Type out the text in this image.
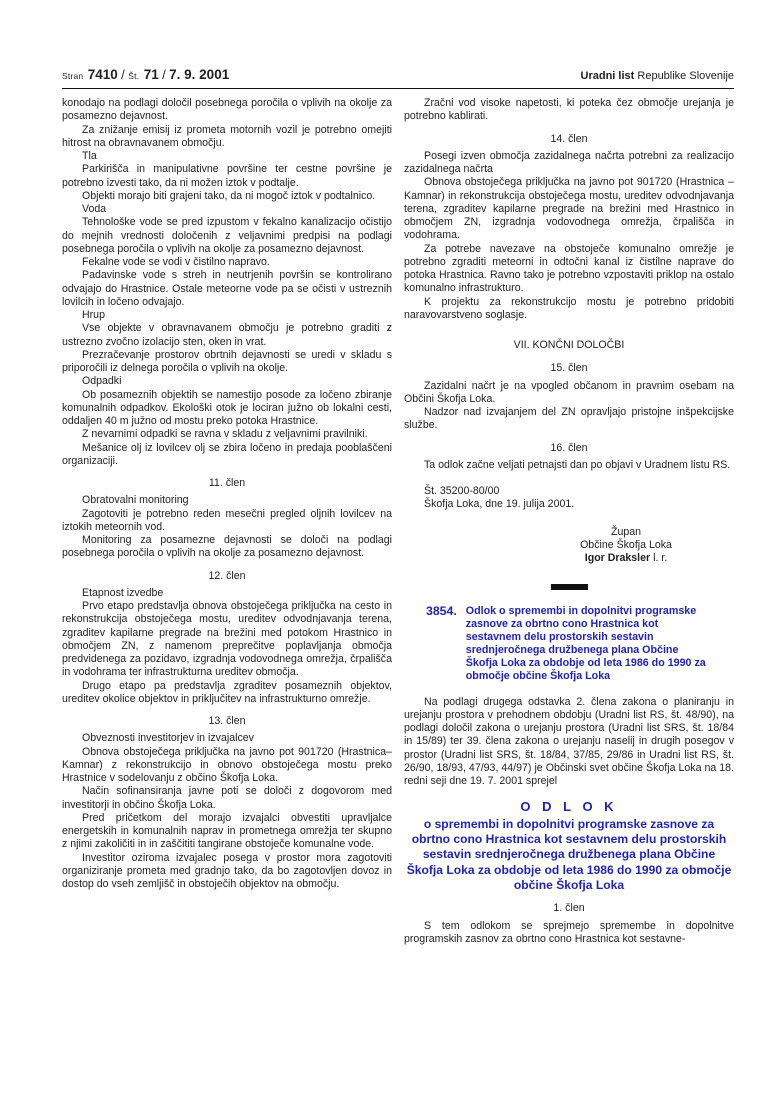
Stran 7410 / Št. 71 / 7. 9. 2001	Uradni list Republike Slovenije

konodajo na podlagi določil posebnega poročila o vplivih na okolje za posamezno dejavnost.

Za znižanje emisij iz prometa motornih vozil je potrebno omejiti hitrost na obravnavanem območju.

Tla

Parkirišča in manipulativne površine ter cestne površine je potrebno izvesti tako, da ni možen iztok v podtalje.

Objekti morajo biti grajeni tako, da ni mogoč iztok v podtalnico.

Voda

Tehnološke vode se pred izpustom v fekalno kanalizacijo očistijo do mejnih vrednosti določenih z veljavnimi predpisi na podlagi posebnega poročila o vplivih na okolje za posamezno dejavnost.

Fekalne vode se vodi v čistilno napravo.

Padavinske vode s streh in neutrjenih površin se kontrolirano odvajajo do Hrastnice. Ostale meteorne vode pa se očisti v ustreznih lovilcih in ločeno odvajajo.

Hrup

Vse objekte v obravnavanem območju je potrebno graditi z ustrezno zvočno izolacijo sten, oken in vrat.

Prezračevanje prostorov obrtnih dejavnosti se uredi v skladu s priporočili iz delnega poročila o vplivih na okolje.

Odpadki

Ob posameznih objektih se namestijo posode za ločeno zbiranje komunalnih odpadkov. Ekološki otok je lociran južno ob lokalni cesti, oddaljen 40 m južno od mostu preko potoka Hrastnice.

Z nevarnimi odpadki se ravna v skladu z veljavnimi pravilniki.

Mešanice olj iz lovilcev olj se zbira ločeno in predaja pooblaščeni organizaciji.

11. člen

Obratovalni monitoring

Zagotoviti je potrebno reden mesečni pregled oljnih lovilcev na iztokih meteornih vod.

Monitoring za posamezne dejavnosti se določi na podlagi posebnega poročila o vplivih na okolje za posamezno dejavnost.

12. člen

Etapnost izvedbe

Prvo etapo predstavlja obnova obstoječega priključka na cesto in rekonstrukcija obstoječega mostu, ureditev odvodnjavanja terena, zgraditev kapilarne pregrade na brežini med potokom Hrastnico in območjem ZN, z namenom preprečitve poplavljanja območja predvidenega za pozidavo, izgradnja vodovodnega omrežja, črpališča in vodohrama ter infrastrukturna ureditev območja.

Drugo etapo pa predstavlja zgraditev posameznih objektov, ureditev okolice objektov in priključitev na infrastrukturno omrežje.

13. člen

Obveznosti investitorjev in izvajalcev

Obnova obstoječega priključka na javno pot 901720 (Hrastnica–Kamnar) z rekonstrukcijo in obnovo obstoječega mostu preko Hrastnice v sodelovanju z občino Škofja Loka.

Način sofinansiranja javne poti se določi z dogovorom med investitorji in občino Škofja Loka.

Pred pričetkom del morajo izvajalci obvestiti upravljalce energetskih in komunalnih naprav in prometnega omrežja ter skupno z njimi zakoličiti in in zaščititi tangirane obstoječe komunalne vode.

Investitor oziroma izvajalec posega v prostor mora zagotoviti organiziranje prometa med gradnjo tako, da bo zagotovljen dovoz in dostop do vseh zemljišč in obstoječih objektov na območju.

Zračni vod visoke napetosti, ki poteka čez območje urejanja je potrebno kablirati.

14. člen

Posegi izven območja zazidalnega načrta potrebni za realizacijo zazidalnega načrta

Obnova obstoječega priključka na javno pot 901720 (Hrastnica – Kamnar) in rekonstrukcija obstoječega mostu, ureditev odvodnjavanja terena, zgraditev kapilarne pregrade na brežini med Hrastnico in območjem ZN, izgradnja vodovodnega omrežja, črpališča in vodohrama.

Za potrebe navezave na obstoječe komunalno omrežje je potrebno zgraditi meteorni in odtočni kanal iz čistilne naprave do potoka Hrastnica. Ravno tako je potrebno vzpostaviti priklop na ostalo komunalno infrastrukturo.

K projektu za rekonstrukcijo mostu je potrebno pridobiti naravovarstveno soglasje.

VII. KONČNI DOLOČBI
15. člen

Zazidalni načrt je na vpogled občanom in pravnim osebam na Občini Škofja Loka.

Nadzor nad izvajanjem del ZN opravljajo pristojne inšpekcijske službe.

16. člen

Ta odlok začne veljati petnajsti dan po objavi v Uradnem listu RS.

Št. 35200-80/00
Škofja Loka, dne 19. julija 2001.
Župan
Občine Škofja Loka
Igor Draksler l. r.
3854. Odlok o spremembi in dopolnitvi programske zasnove za obrtno cono Hrastnica kot sestavnem delu prostorskih sestavin srednjeročnega družbenega plana Občine Škofja Loka za obdobje od leta 1986 do 1990 za območje občine Škofja Loka

Na podlagi drugega odstavka 2. člena zakona o planiranju in urejanju prostora v prehodnem obdobju (Uradni list RS, št. 48/90), na podlagi določil zakona o urejanju prostora (Uradni list SRS, št. 18/84 in 15/89) ter 39. člena zakona o urejanju naselij in drugih posegov v prostor (Uradni list SRS, št. 18/84, 37/85, 29/86 in Uradni list RS, št. 26/90, 18/93, 47/93, 44/97) je Občinski svet občine Škofja Loka na 18. redni seji dne 19. 7. 2001 sprejel

O D L O K
o spremembi in dopolnitvi programske zasnove za obrtno cono Hrastnica kot sestavnem delu prostorskih sestavin srednjeročnega družbenega plana Občine Škofja Loka za obdobje od leta 1986 do 1990 za območje občine Škofja Loka
1. člen

S tem odlokom se sprejmejo spremembe in dopolnitve programskih zasnov za obrtno cono Hrastnica kot sestavne-
